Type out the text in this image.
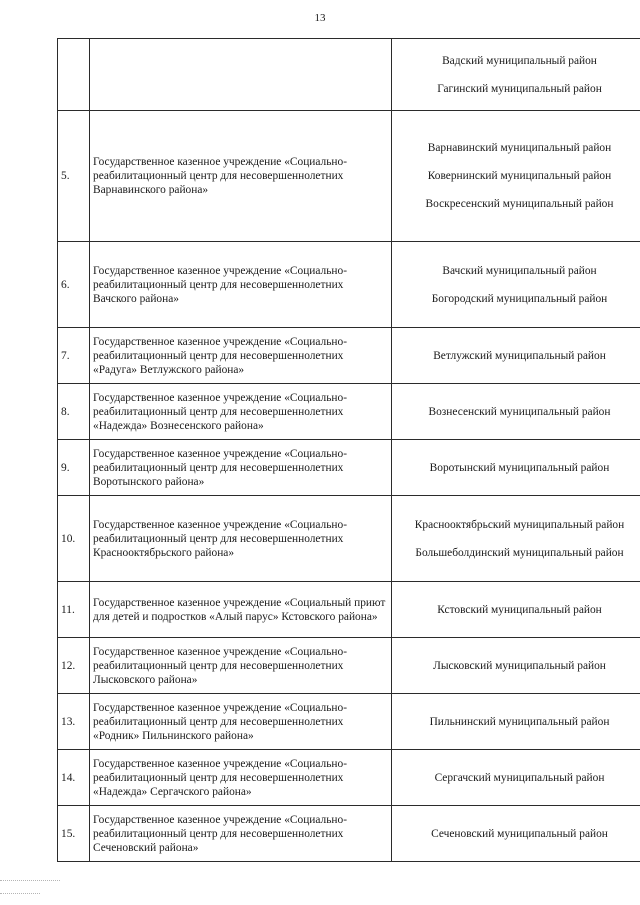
13

		Вадский муниципальный район
Гагинский муниципальный район

5.	Государственное казенное учреждение «Социально-реабилитационный центр для несовершеннолетних Варнавинского района»	Варнавинский муниципальный район
Ковернинский муниципальный район
Воскресенский муниципальный район

6.	Государственное казенное учреждение «Социально-реабилитационный центр для несовершеннолетних Вачского района»	Вачский муниципальный район
Богородский муниципальный район

7.	Государственное казенное учреждение «Социально-реабилитационный центр для несовершеннолетних «Радуга» Ветлужского района»	Ветлужский муниципальный район

8.	Государственное казенное учреждение «Социально-реабилитационный центр для несовершеннолетних «Надежда» Вознесенского района»	Вознесенский муниципальный район

9.	Государственное казенное учреждение «Социально-реабилитационный центр для несовершеннолетних Воротынского района»	Воротынский муниципальный район

10.	Государственное казенное учреждение «Социально-реабилитационный центр для несовершеннолетних Краснооктябрьского района»	Краснооктябрьский муниципальный район
Большеболдинский муниципальный район

11.	Государственное казенное учреждение «Социальный приют для детей и подростков «Алый парус» Кстовского района»	Кстовский муниципальный район

12.	Государственное казенное учреждение «Социально-реабилитационный центр для несовершеннолетних Лысковского района»	Лысковский муниципальный район

13.	Государственное казенное учреждение «Социально-реабилитационный центр для несовершеннолетних «Родник» Пильнинского района»	Пильнинский муниципальный район

14.	Государственное казенное учреждение «Социально-реабилитационный центр для несовершеннолетних «Надежда» Сергачского района»	Сергачский муниципальный район

15.	Государственное казенное учреждение «Социально-реабилитационный центр для несовершеннолетних Сеченовский района»	Сеченовский муниципальный район
